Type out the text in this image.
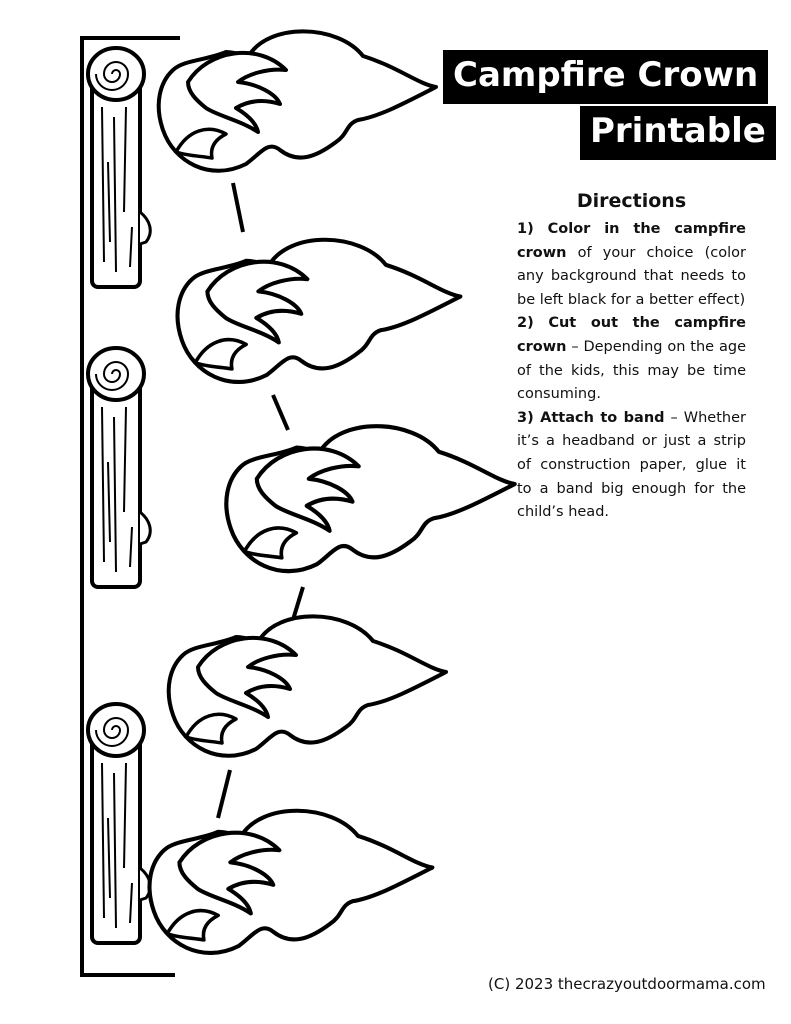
Campfire Crown
Printable
Directions

1) Color in the campfire crown of your choice (color any background that needs to be left black for a better effect)

2) Cut out the campfire crown – Depending on the age of the kids, this may be time consuming.

3) Attach to band – Whether it’s a headband or just a strip of construction paper, glue it to a band big enough for the child’s head.

(C) 2023 thecrazyoutdoormama.com
